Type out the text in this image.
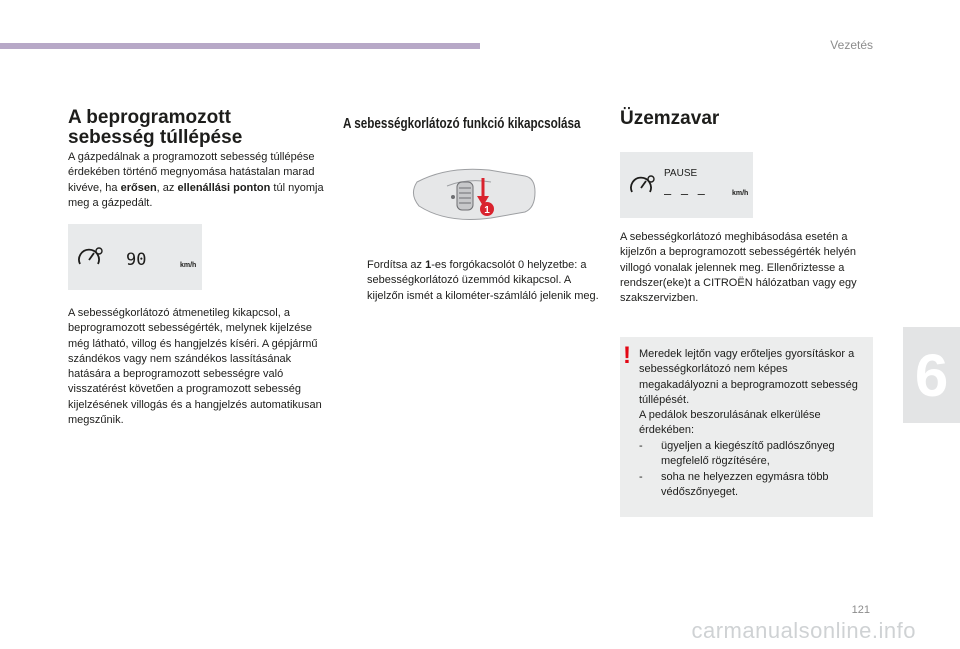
Vezetés
6
121
carmanualsonline.info
A beprogramozott
sebesség túllépése

A gázpedálnak a programozott sebesség túllépése érdekében történő megnyomása hatástalan marad kivéve, ha erősen, az ellenállási ponton túl nyomja meg a gázpedált.

90	km/h

A sebességkorlátozó átmenetileg kikapcsol, a beprogramozott sebességérték, melynek kijelzése még látható, villog és hangjelzés kíséri. A gépjármű szándékos vagy nem szándékos lassításának hatására a beprogramozott sebességre való visszatérést követően a programozott sebesség kijelzésének villogás és a hangjelzés automatikusan megszűnik.

A sebességkorlátozó funkció kikapcsolása
1

Fordítsa az 1-es forgókacsolót 0 helyzetbe: a sebességkorlátozó üzemmód kikapcsol. A kijelzőn ismét a kilométer-számláló jelenik meg.

Üzemzavar
PAUSE
– – –	km/h

A sebességkorlátozó meghibásodása esetén a kijelzőn a beprogramozott sebességérték helyén villogó vonalak jelennek meg. Ellenőriztesse a rendszer(eke)t a CITROËN hálózatban vagy egy szakszervizben.

! Meredek lejtőn vagy erőteljes gyorsításkor a sebességkorlátozó nem képes megakadályozni a beprogramozott sebesség túllépését.
A pedálok beszorulásának elkerülése érdekében:

- ügyeljen a kiegészítő padlószőnyeg megfelelő rögzítésére,
- soha ne helyezzen egymásra több védőszőnyeget.
